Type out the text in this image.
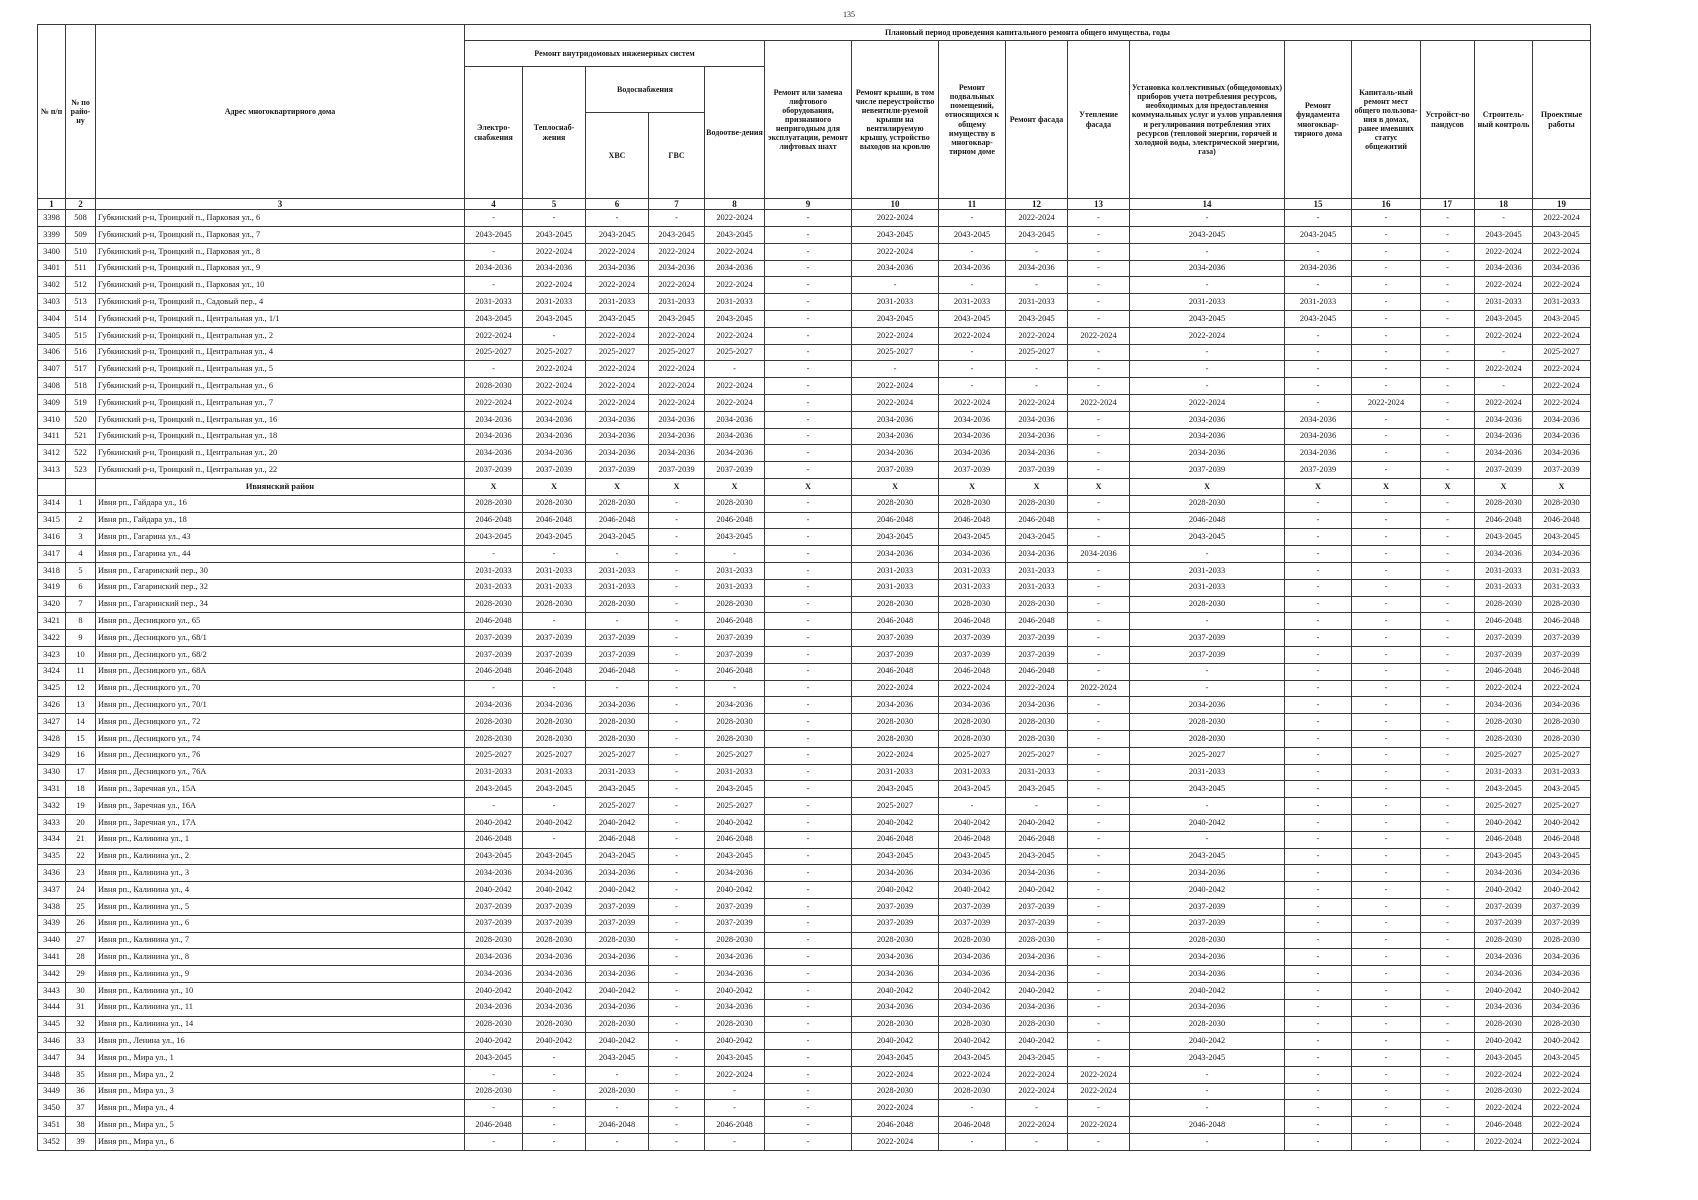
135
№ п/п	№ по райо-ну	Адрес многоквартирного дома	Плановый период проведения капитального ремонта общего имущества, годы															
			Ремонт внутридомовых инженерных систем					Ремонт или замена лифтового оборудования, признанного непригодным для эксплуатации, ремонт лифтовых шахт	Ремонт крыши, в том числе переустройство невентили-руемой крыши на вентилируемую крышу, устройство выходов на кровлю	Ремонт подвальных помещений, относящихся к общему имуществу в многоквар-тирном доме	Ремонт фасада	Утепление фасада	Установка коллективных (общедомовых) приборов учета потребления ресурсов, необходимых для предоставления коммунальных услуг и узлов управления и регулирования потребления этих ресурсов (тепловой энергии, горячей и холодной воды, электрической энергии, газа)	Ремонт фундамента многоквар-тирного дома	Капиталь-ный ремонт мест общего пользова-ния в домах, ранее имевших статус общежитий	Устройст-во пандусов	Строитель-ный контроль	Проектные работы
			Электро-снабжения	Теплоснаб-жения	Водоснабжения		Водоотве-дения											
					ХВС	ГВС												
1	2	3	4	5	6	7	8	9	10	11	12	13	14	15	16	17	18	19
3398	508	Губкинский р-н, Троицкий п., Парковая ул., 6	-	-	-	-	2022-2024	-	2022-2024	-	2022-2024	-	-	-	-	-	-	2022-2024
3399	509	Губкинский р-н, Троицкий п., Парковая ул., 7	2043-2045	2043-2045	2043-2045	2043-2045	2043-2045	-	2043-2045	2043-2045	2043-2045	-	2043-2045	2043-2045	-	-	2043-2045	2043-2045
3400	510	Губкинский р-н, Троицкий п., Парковая ул., 8	-	2022-2024	2022-2024	2022-2024	2022-2024	-	2022-2024	-	-	-	-	-	-	-	2022-2024	2022-2024
3401	511	Губкинский р-н, Троицкий п., Парковая ул., 9	2034-2036	2034-2036	2034-2036	2034-2036	2034-2036	-	2034-2036	2034-2036	2034-2036	-	2034-2036	2034-2036	-	-	2034-2036	2034-2036
3402	512	Губкинский р-н, Троицкий п., Парковая ул., 10	-	2022-2024	2022-2024	2022-2024	2022-2024	-	-	-	-	-	-	-	-	-	2022-2024	2022-2024
3403	513	Губкинский р-н, Троицкий п., Садовый пер., 4	2031-2033	2031-2033	2031-2033	2031-2033	2031-2033	-	2031-2033	2031-2033	2031-2033	-	2031-2033	2031-2033	-	-	2031-2033	2031-2033
3404	514	Губкинский р-н, Троицкий п., Центральная ул., 1/1	2043-2045	2043-2045	2043-2045	2043-2045	2043-2045	-	2043-2045	2043-2045	2043-2045	-	2043-2045	2043-2045	-	-	2043-2045	2043-2045
3405	515	Губкинский р-н, Троицкий п., Центральная ул., 2	2022-2024	-	2022-2024	2022-2024	2022-2024	-	2022-2024	2022-2024	2022-2024	2022-2024	2022-2024	-	-	-	2022-2024	2022-2024
3406	516	Губкинский р-н, Троицкий п., Центральная ул., 4	2025-2027	2025-2027	2025-2027	2025-2027	2025-2027	-	2025-2027	-	2025-2027	-	-	-	-	-	-	2025-2027
3407	517	Губкинский р-н, Троицкий п., Центральная ул., 5	-	2022-2024	2022-2024	2022-2024	-	-	-	-	-	-	-	-	-	-	2022-2024	2022-2024
3408	518	Губкинский р-н, Троицкий п., Центральная ул., 6	2028-2030	2022-2024	2022-2024	2022-2024	2022-2024	-	2022-2024	-	-	-	-	-	-	-	-	2022-2024
3409	519	Губкинский р-н, Троицкий п., Центральная ул., 7	2022-2024	2022-2024	2022-2024	2022-2024	2022-2024	-	2022-2024	2022-2024	2022-2024	2022-2024	2022-2024	-	2022-2024	-	2022-2024	2022-2024
3410	520	Губкинский р-н, Троицкий п., Центральная ул., 16	2034-2036	2034-2036	2034-2036	2034-2036	2034-2036	-	2034-2036	2034-2036	2034-2036	-	2034-2036	2034-2036	-	-	2034-2036	2034-2036
3411	521	Губкинский р-н, Троицкий п., Центральная ул., 18	2034-2036	2034-2036	2034-2036	2034-2036	2034-2036	-	2034-2036	2034-2036	2034-2036	-	2034-2036	2034-2036	-	-	2034-2036	2034-2036
3412	522	Губкинский р-н, Троицкий п., Центральная ул., 20	2034-2036	2034-2036	2034-2036	2034-2036	2034-2036	-	2034-2036	2034-2036	2034-2036	-	2034-2036	2034-2036	-	-	2034-2036	2034-2036
3413	523	Губкинский р-н, Троицкий п., Центральная ул., 22	2037-2039	2037-2039	2037-2039	2037-2039	2037-2039	-	2037-2039	2037-2039	2037-2039	-	2037-2039	2037-2039	-	-	2037-2039	2037-2039
		Ивнянский район	X	X	X	X	X	X	X	X	X	X	X	X	X	X	X	X
3414	1	Ивня рп., Гайдара ул., 16	2028-2030	2028-2030	2028-2030	-	2028-2030	-	2028-2030	2028-2030	2028-2030	-	2028-2030	-	-	-	2028-2030	2028-2030
3415	2	Ивня рп., Гайдара ул., 18	2046-2048	2046-2048	2046-2048	-	2046-2048	-	2046-2048	2046-2048	2046-2048	-	2046-2048	-	-	-	2046-2048	2046-2048
3416	3	Ивня рп., Гагарина ул., 43	2043-2045	2043-2045	2043-2045	-	2043-2045	-	2043-2045	2043-2045	2043-2045	-	2043-2045	-	-	-	2043-2045	2043-2045
3417	4	Ивня рп., Гагарина ул., 44	-	-	-	-	-	-	2034-2036	2034-2036	2034-2036	2034-2036	-	-	-	-	2034-2036	2034-2036
3418	5	Ивня рп., Гагаринский пер., 30	2031-2033	2031-2033	2031-2033	-	2031-2033	-	2031-2033	2031-2033	2031-2033	-	2031-2033	-	-	-	2031-2033	2031-2033
3419	6	Ивня рп., Гагаринский пер., 32	2031-2033	2031-2033	2031-2033	-	2031-2033	-	2031-2033	2031-2033	2031-2033	-	2031-2033	-	-	-	2031-2033	2031-2033
3420	7	Ивня рп., Гагаринский пер., 34	2028-2030	2028-2030	2028-2030	-	2028-2030	-	2028-2030	2028-2030	2028-2030	-	2028-2030	-	-	-	2028-2030	2028-2030
3421	8	Ивня рп., Десницкого ул., 65	2046-2048	-	-	-	2046-2048	-	2046-2048	2046-2048	2046-2048	-	-	-	-	-	2046-2048	2046-2048
3422	9	Ивня рп., Десницкого ул., 68/1	2037-2039	2037-2039	2037-2039	-	2037-2039	-	2037-2039	2037-2039	2037-2039	-	2037-2039	-	-	-	2037-2039	2037-2039
3423	10	Ивня рп., Десницкого ул., 68/2	2037-2039	2037-2039	2037-2039	-	2037-2039	-	2037-2039	2037-2039	2037-2039	-	2037-2039	-	-	-	2037-2039	2037-2039
3424	11	Ивня рп., Десницкого ул., 68А	2046-2048	2046-2048	2046-2048	-	2046-2048	-	2046-2048	2046-2048	2046-2048	-	-	-	-	-	2046-2048	2046-2048
3425	12	Ивня рп., Десницкого ул., 70	-	-	-	-	-	-	2022-2024	2022-2024	2022-2024	2022-2024	-	-	-	-	2022-2024	2022-2024
3426	13	Ивня рп., Десницкого ул., 70/1	2034-2036	2034-2036	2034-2036	-	2034-2036	-	2034-2036	2034-2036	2034-2036	-	2034-2036	-	-	-	2034-2036	2034-2036
3427	14	Ивня рп., Десницкого ул., 72	2028-2030	2028-2030	2028-2030	-	2028-2030	-	2028-2030	2028-2030	2028-2030	-	2028-2030	-	-	-	2028-2030	2028-2030
3428	15	Ивня рп., Десницкого ул., 74	2028-2030	2028-2030	2028-2030	-	2028-2030	-	2028-2030	2028-2030	2028-2030	-	2028-2030	-	-	-	2028-2030	2028-2030
3429	16	Ивня рп., Десницкого ул., 76	2025-2027	2025-2027	2025-2027	-	2025-2027	-	2022-2024	2025-2027	2025-2027	-	2025-2027	-	-	-	2025-2027	2025-2027
3430	17	Ивня рп., Десницкого ул., 76А	2031-2033	2031-2033	2031-2033	-	2031-2033	-	2031-2033	2031-2033	2031-2033	-	2031-2033	-	-	-	2031-2033	2031-2033
3431	18	Ивня рп., Заречная ул., 15А	2043-2045	2043-2045	2043-2045	-	2043-2045	-	2043-2045	2043-2045	2043-2045	-	2043-2045	-	-	-	2043-2045	2043-2045
3432	19	Ивня рп., Заречная ул., 16А	-	-	2025-2027	-	2025-2027	-	2025-2027	-	-	-	-	-	-	-	2025-2027	2025-2027
3433	20	Ивня рп., Заречная ул., 17А	2040-2042	2040-2042	2040-2042	-	2040-2042	-	2040-2042	2040-2042	2040-2042	-	2040-2042	-	-	-	2040-2042	2040-2042
3434	21	Ивня рп., Калинина ул., 1	2046-2048	-	2046-2048	-	2046-2048	-	2046-2048	2046-2048	2046-2048	-	-	-	-	-	2046-2048	2046-2048
3435	22	Ивня рп., Калинина ул., 2	2043-2045	2043-2045	2043-2045	-	2043-2045	-	2043-2045	2043-2045	2043-2045	-	2043-2045	-	-	-	2043-2045	2043-2045
3436	23	Ивня рп., Калинина ул., 3	2034-2036	2034-2036	2034-2036	-	2034-2036	-	2034-2036	2034-2036	2034-2036	-	2034-2036	-	-	-	2034-2036	2034-2036
3437	24	Ивня рп., Калинина ул., 4	2040-2042	2040-2042	2040-2042	-	2040-2042	-	2040-2042	2040-2042	2040-2042	-	2040-2042	-	-	-	2040-2042	2040-2042
3438	25	Ивня рп., Калинина ул., 5	2037-2039	2037-2039	2037-2039	-	2037-2039	-	2037-2039	2037-2039	2037-2039	-	2037-2039	-	-	-	2037-2039	2037-2039
3439	26	Ивня рп., Калинина ул., 6	2037-2039	2037-2039	2037-2039	-	2037-2039	-	2037-2039	2037-2039	2037-2039	-	2037-2039	-	-	-	2037-2039	2037-2039
3440	27	Ивня рп., Калинина ул., 7	2028-2030	2028-2030	2028-2030	-	2028-2030	-	2028-2030	2028-2030	2028-2030	-	2028-2030	-	-	-	2028-2030	2028-2030
3441	28	Ивня рп., Калинина ул., 8	2034-2036	2034-2036	2034-2036	-	2034-2036	-	2034-2036	2034-2036	2034-2036	-	2034-2036	-	-	-	2034-2036	2034-2036
3442	29	Ивня рп., Калинина ул., 9	2034-2036	2034-2036	2034-2036	-	2034-2036	-	2034-2036	2034-2036	2034-2036	-	2034-2036	-	-	-	2034-2036	2034-2036
3443	30	Ивня рп., Калинина ул., 10	2040-2042	2040-2042	2040-2042	-	2040-2042	-	2040-2042	2040-2042	2040-2042	-	2040-2042	-	-	-	2040-2042	2040-2042
3444	31	Ивня рп., Калинина ул., 11	2034-2036	2034-2036	2034-2036	-	2034-2036	-	2034-2036	2034-2036	2034-2036	-	2034-2036	-	-	-	2034-2036	2034-2036
3445	32	Ивня рп., Калинина ул., 14	2028-2030	2028-2030	2028-2030	-	2028-2030	-	2028-2030	2028-2030	2028-2030	-	2028-2030	-	-	-	2028-2030	2028-2030
3446	33	Ивня рп., Ленина ул., 16	2040-2042	2040-2042	2040-2042	-	2040-2042	-	2040-2042	2040-2042	2040-2042	-	2040-2042	-	-	-	2040-2042	2040-2042
3447	34	Ивня рп., Мира ул., 1	2043-2045	-	2043-2045	-	2043-2045	-	2043-2045	2043-2045	2043-2045	-	2043-2045	-	-	-	2043-2045	2043-2045
3448	35	Ивня рп., Мира ул., 2	-	-	-	-	2022-2024	-	2022-2024	2022-2024	2022-2024	2022-2024	-	-	-	-	2022-2024	2022-2024
3449	36	Ивня рп., Мира ул., 3	2028-2030	-	2028-2030	-	-	-	2028-2030	2028-2030	2022-2024	2022-2024	-	-	-	-	2028-2030	2022-2024
3450	37	Ивня рп., Мира ул., 4	-	-	-	-	-	-	2022-2024	-	-	-	-	-	-	-	2022-2024	2022-2024
3451	38	Ивня рп., Мира ул., 5	2046-2048	-	2046-2048	-	2046-2048	-	2046-2048	2046-2048	2022-2024	2022-2024	2046-2048	-	-	-	2046-2048	2022-2024
3452	39	Ивня рп., Мира ул., 6	-	-	-	-	-	-	2022-2024	-	-	-	-	-	-	-	2022-2024	2022-2024
